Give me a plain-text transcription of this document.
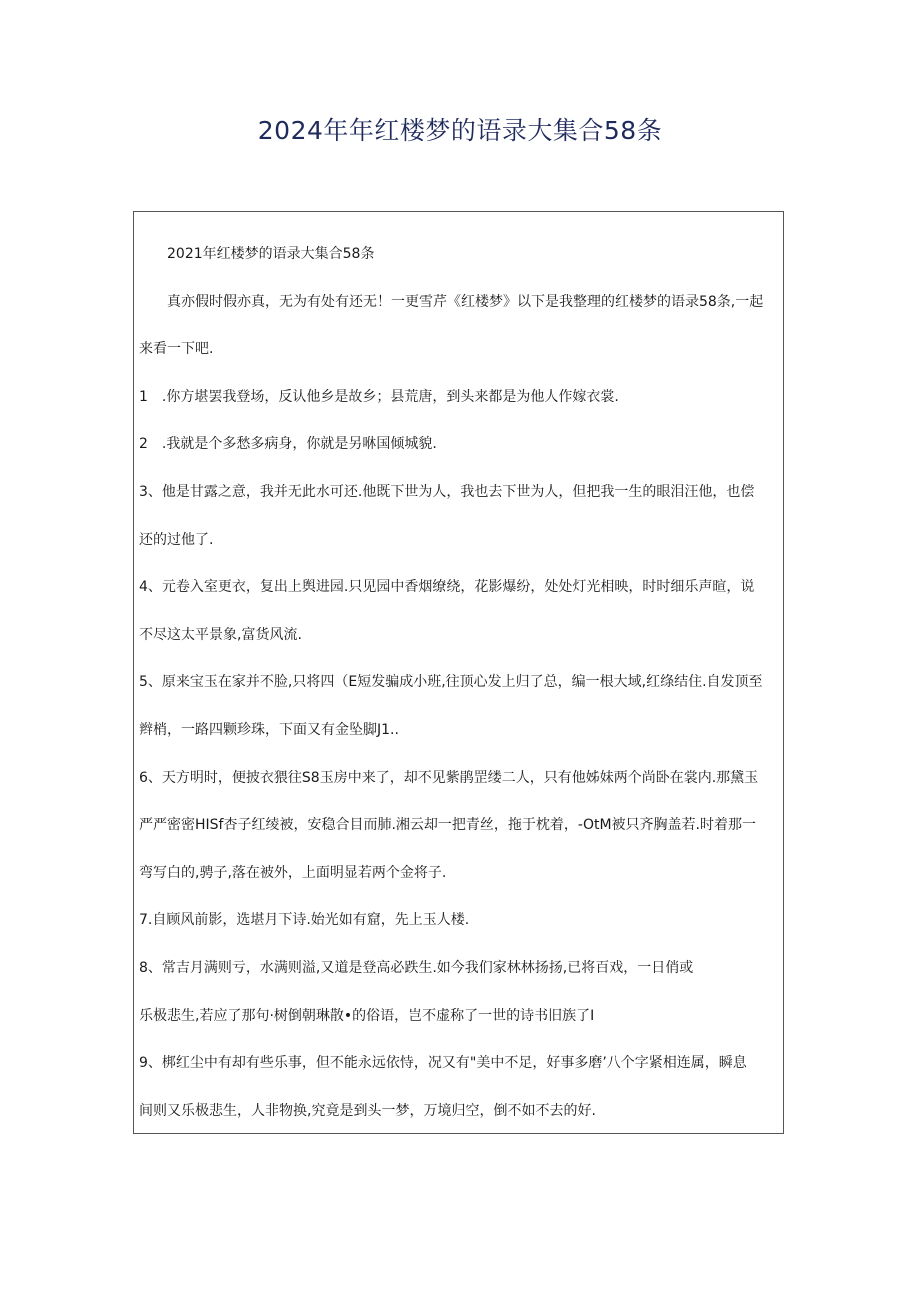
2024年年红楼梦的语录大集合58条

2021年红楼梦的语录大集合58条

真亦假时假亦真，无为有处有还无！一更雪芹《红楼梦》以下是我整理的红楼梦的语录58条,一起

来看一下吧.

1　.你方堪罢我登场，反认他乡是故乡；县荒唐，到头来都是为他人作嫁衣裳.

2　.我就是个多愁多病身，你就是另咻国倾城貌.

3、他是甘露之意，我并无此水可还.他既下世为人，我也去下世为人，但把我一生的眼泪汪他，也偿

还的过他了.

4、元卷入室更衣，复出上舆进园.只见园中香烟缭绕，花影爆纷，处处灯光相映，时时细乐声暄，说

不尽这太平景象,富货风流.

5、原来宝玉在家并不脸,只将四（E短发骗成小班,往顶心发上归了总，编一根大域,红绦结住.自发顶至

辫梢，一路四颗珍珠，下面又有金坠脚J1..

6、天方明时，便披衣猥往S8玉房中来了，却不见紫鹃罡缕二人，只有他姊妹两个尚卧在裳内.那黛玉

严严密密HISf杏子红绫被，安稳合目而肺.湘云却一把青丝，拖于枕着，-OtM被只齐胸盖若.时着那一

弯写白的,骋子,落在被外，上面明显若两个金将子.

7.自顾风前影，选堪月下诗.始光如有窟，先上玉人楼.

8、常吉月满则亏，水满则溢,又道是登高必跌生.如今我们家林林扬扬,已将百戏，一日俏或

乐极悲生,若应了那句·树倒朝琳散•的俗语，岂不虚称了一世的诗书旧族了I

9、梆红尘中有却有些乐事，但不能永远依恃，况又有"美中不足，好事多磨’八个字紧相连属，瞬息

间则又乐极悲生，人非物换,究竟是到头一梦，万境归空，倒不如不去的好.
